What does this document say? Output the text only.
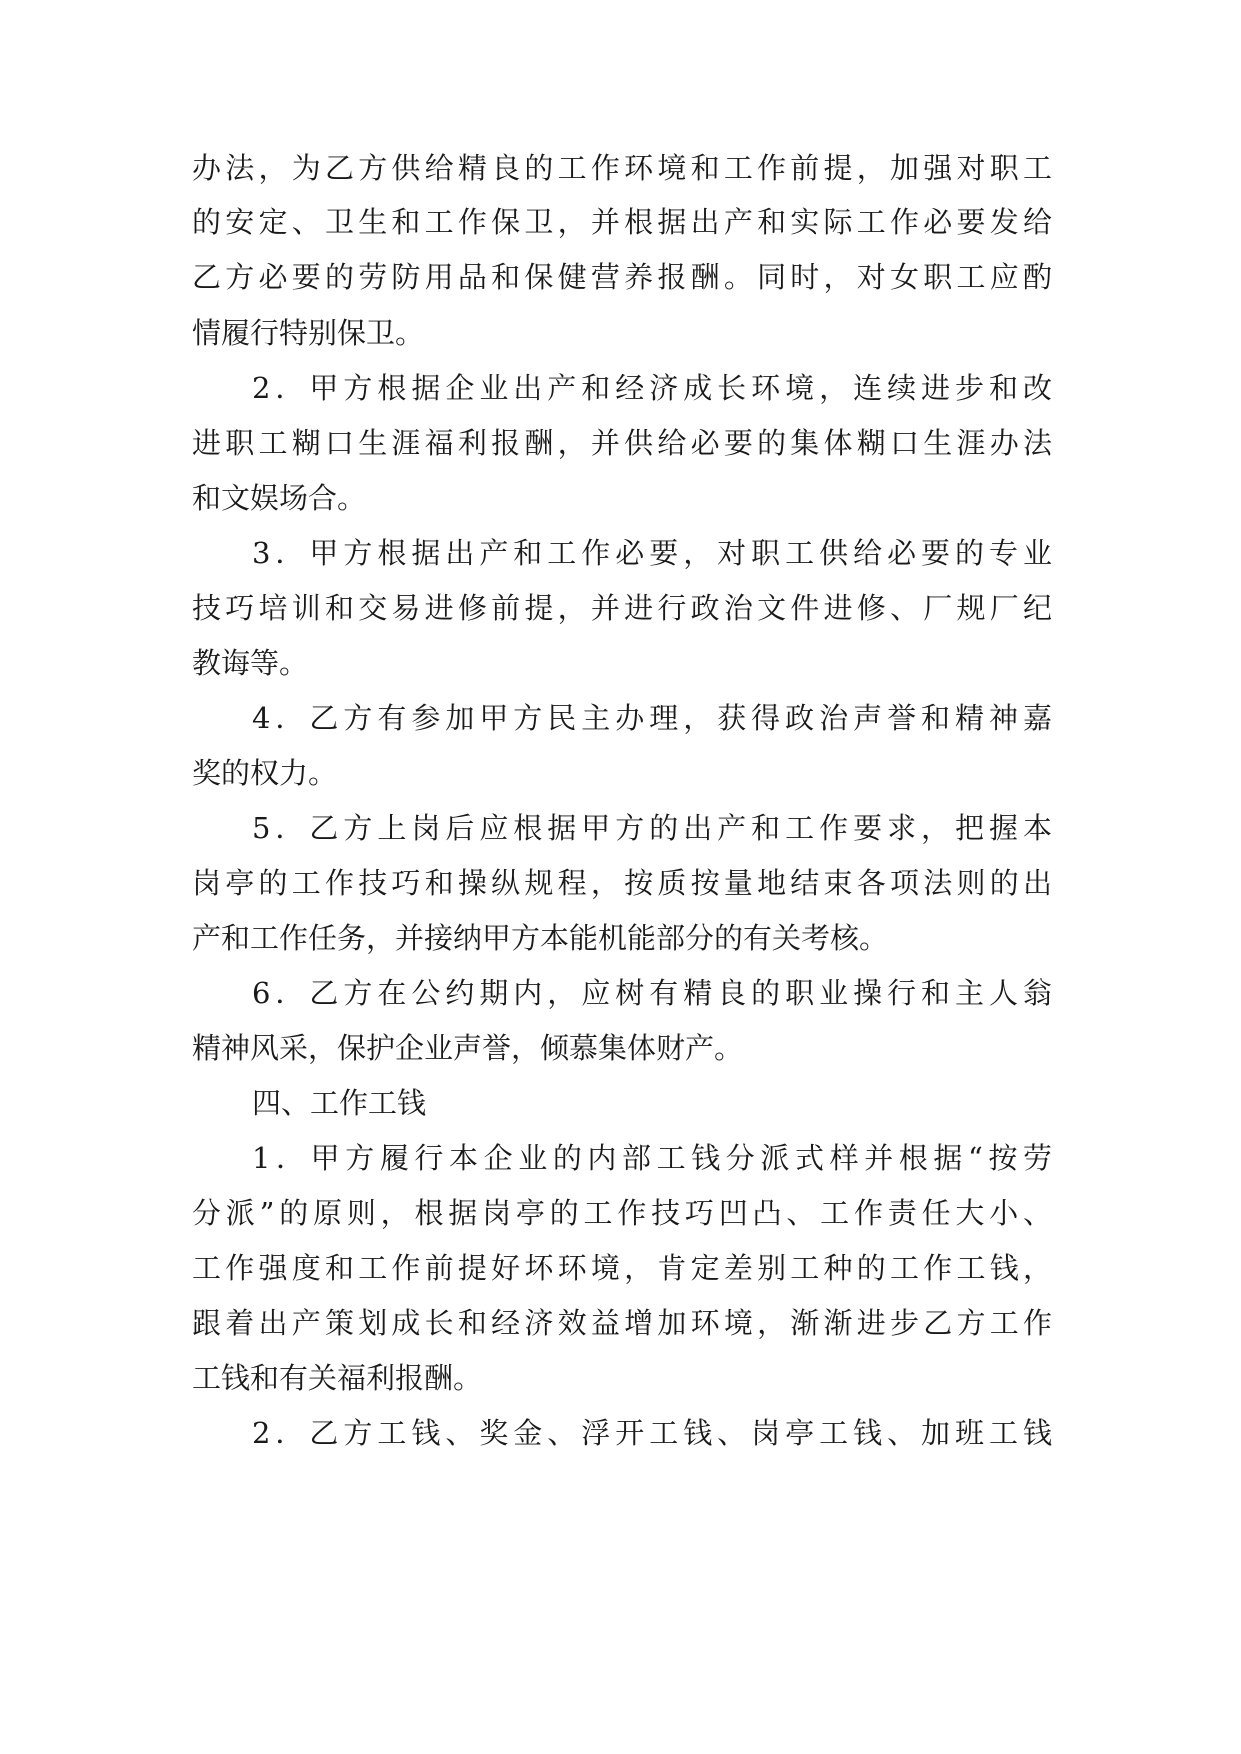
办法，为乙方供给精良的工作环境和工作前提，加强对职工
的安定、卫生和工作保卫，并根据出产和实际工作必要发给
乙方必要的劳防用品和保健营养报酬。同时，对女职工应酌
情履行特别保卫。
2．甲方根据企业出产和经济成长环境，连续进步和改
进职工糊口生涯福利报酬，并供给必要的集体糊口生涯办法
和文娱场合。
3．甲方根据出产和工作必要，对职工供给必要的专业
技巧培训和交易进修前提，并进行政治文件进修、厂规厂纪
教诲等。
4．乙方有参加甲方民主办理，获得政治声誉和精神嘉
奖的权力。
5．乙方上岗后应根据甲方的出产和工作要求，把握本
岗亭的工作技巧和操纵规程，按质按量地结束各项法则的出
产和工作任务，并接纳甲方本能机能部分的有关考核。
6．乙方在公约期内，应树有精良的职业操行和主人翁
精神风采，保护企业声誉，倾慕集体财产。
四、工作工钱
1．甲方履行本企业的内部工钱分派式样并根据“按劳
分派”的原则，根据岗亭的工作技巧凹凸、工作责任大小、
工作强度和工作前提好坏环境，肯定差别工种的工作工钱，
跟着出产策划成长和经济效益增加环境，渐渐进步乙方工作
工钱和有关福利报酬。
2．乙方工钱、奖金、浮开工钱、岗亭工钱、加班工钱
